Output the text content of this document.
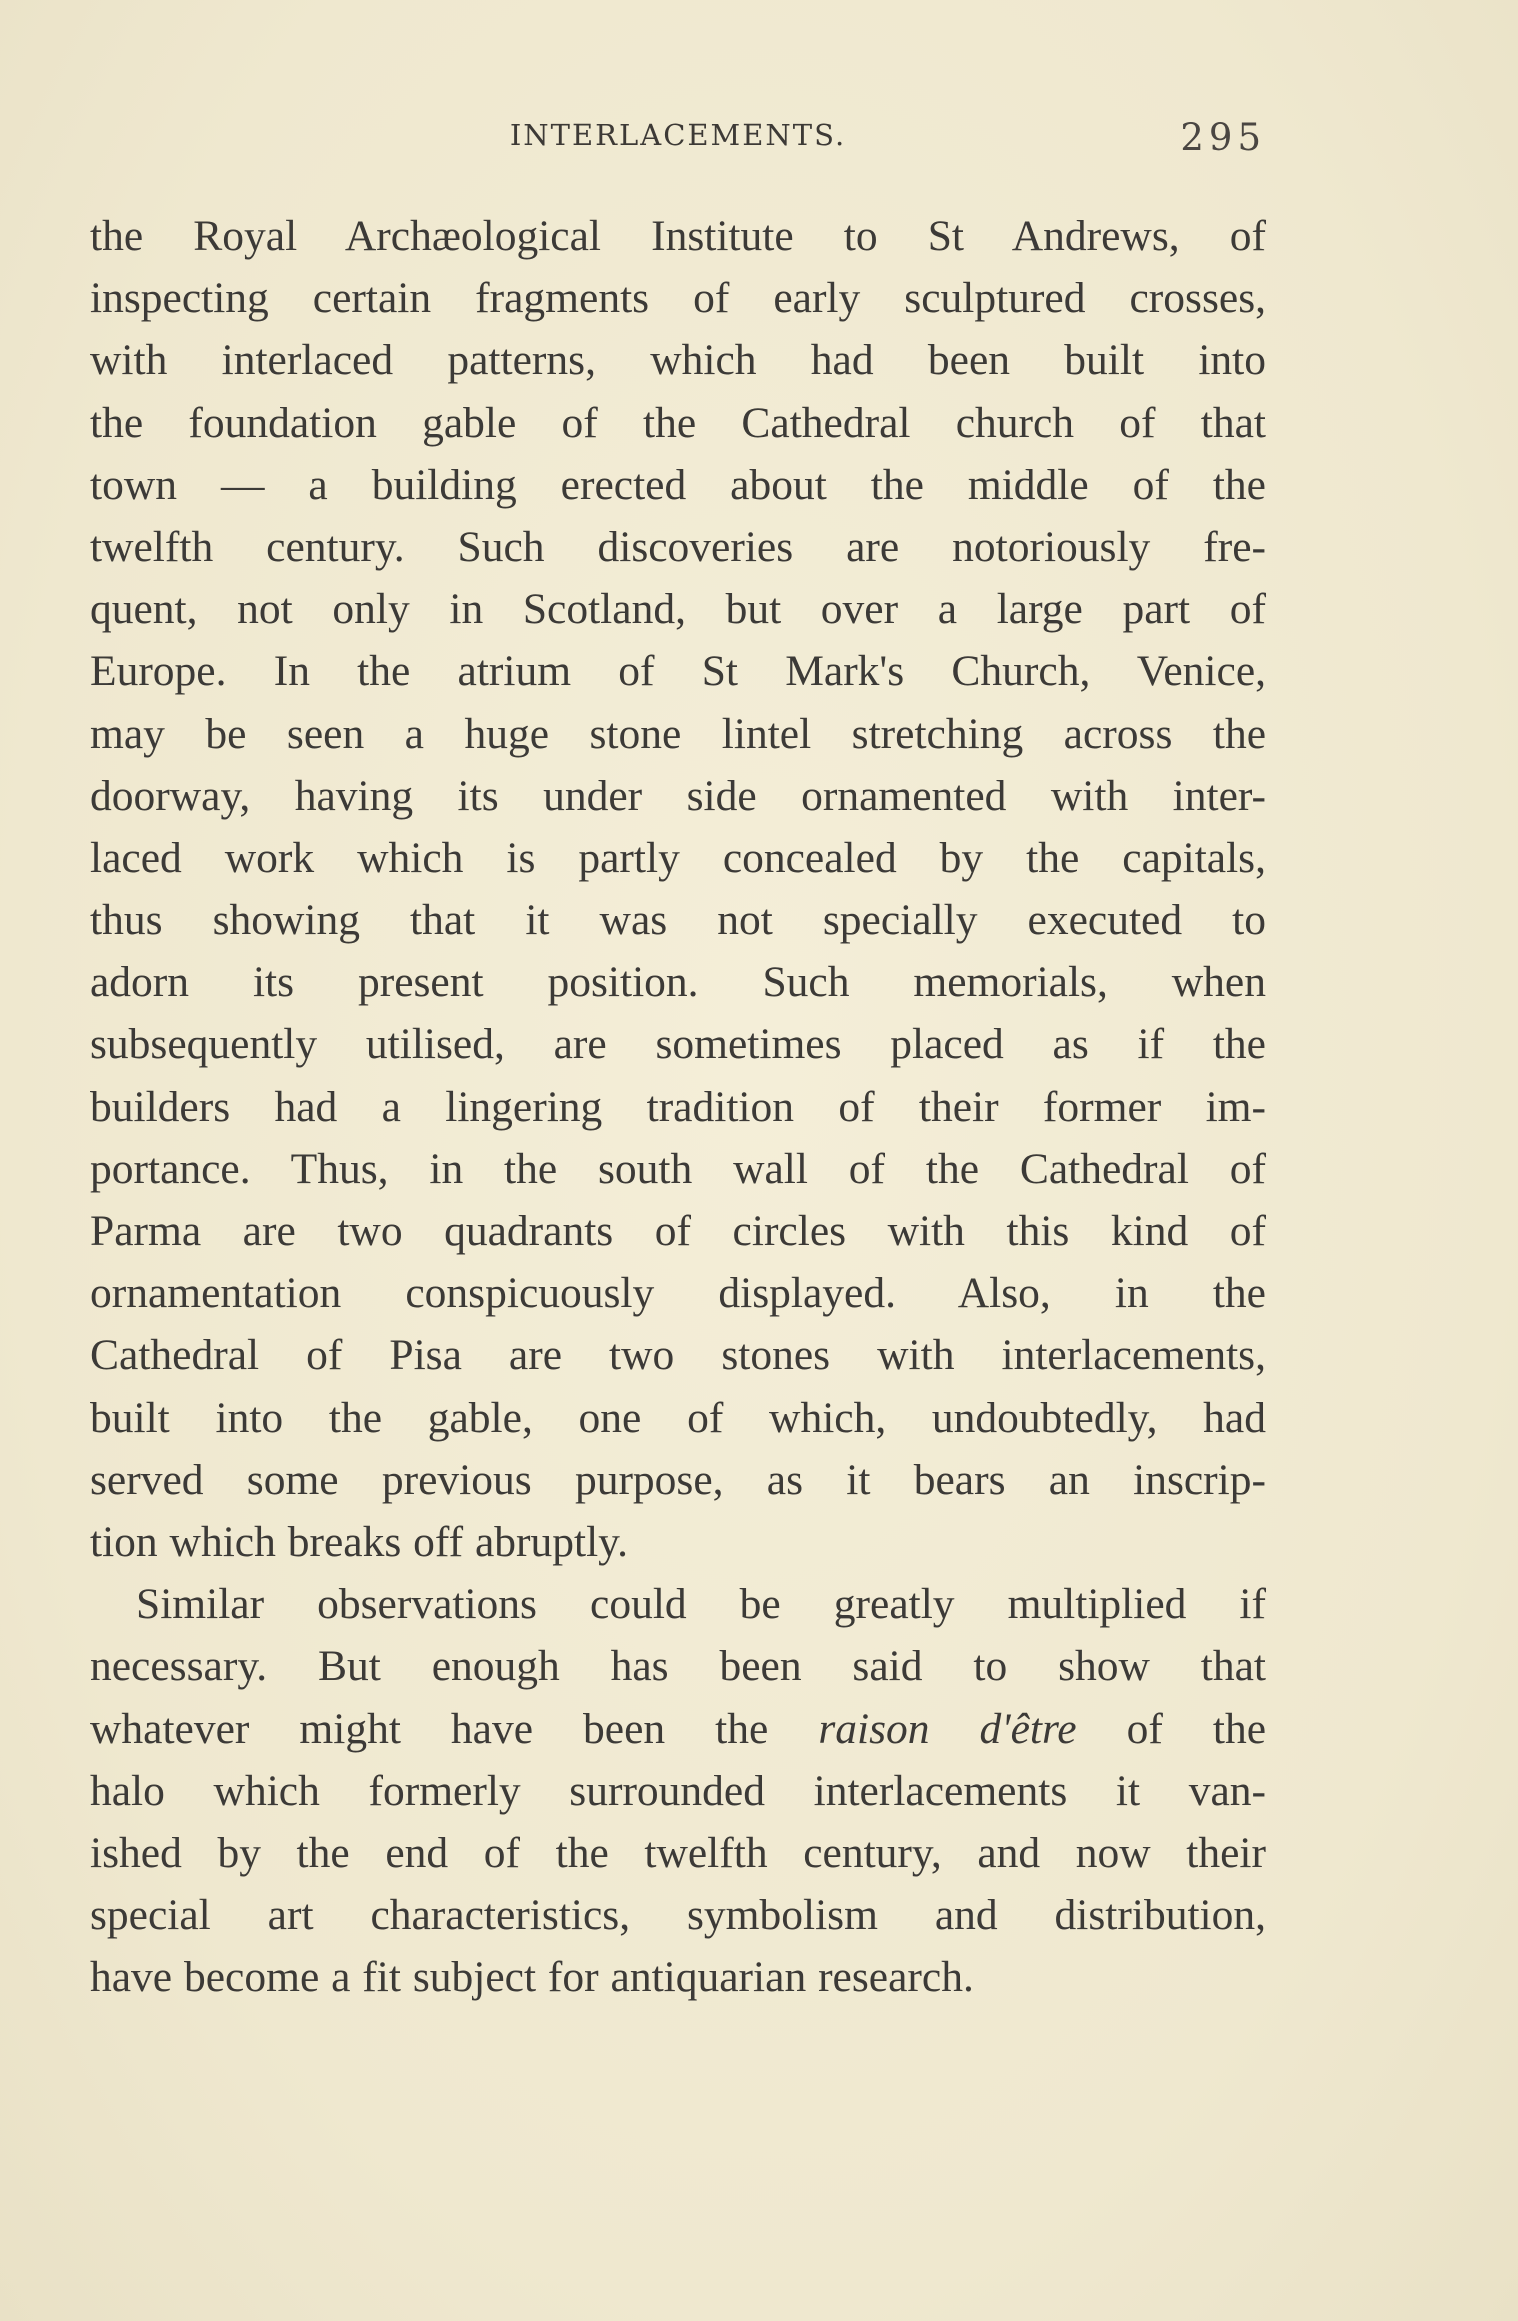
INTERLACEMENTS.	295
the Royal Archæological Institute to St Andrews, of
inspecting certain fragments of early sculptured crosses,
with interlaced patterns, which had been built into
the foundation gable of the Cathedral church of that
town — a building erected about the middle of the
twelfth century. Such discoveries are notoriously fre-
quent, not only in Scotland, but over a large part of
Europe. In the atrium of St Mark's Church, Venice,
may be seen a huge stone lintel stretching across the
doorway, having its under side ornamented with inter-
laced work which is partly concealed by the capitals,
thus showing that it was not specially executed to
adorn its present position. Such memorials, when
subsequently utilised, are sometimes placed as if the
builders had a lingering tradition of their former im-
portance. Thus, in the south wall of the Cathedral of
Parma are two quadrants of circles with this kind of
ornamentation conspicuously displayed. Also, in the
Cathedral of Pisa are two stones with interlacements,
built into the gable, one of which, undoubtedly, had
served some previous purpose, as it bears an inscrip-
tion which breaks off abruptly.
Similar observations could be greatly multiplied if
necessary. But enough has been said to show that
whatever might have been the raison d'être of the
halo which formerly surrounded interlacements it van-
ished by the end of the twelfth century, and now their
special art characteristics, symbolism and distribution,
have become a fit subject for antiquarian research.
